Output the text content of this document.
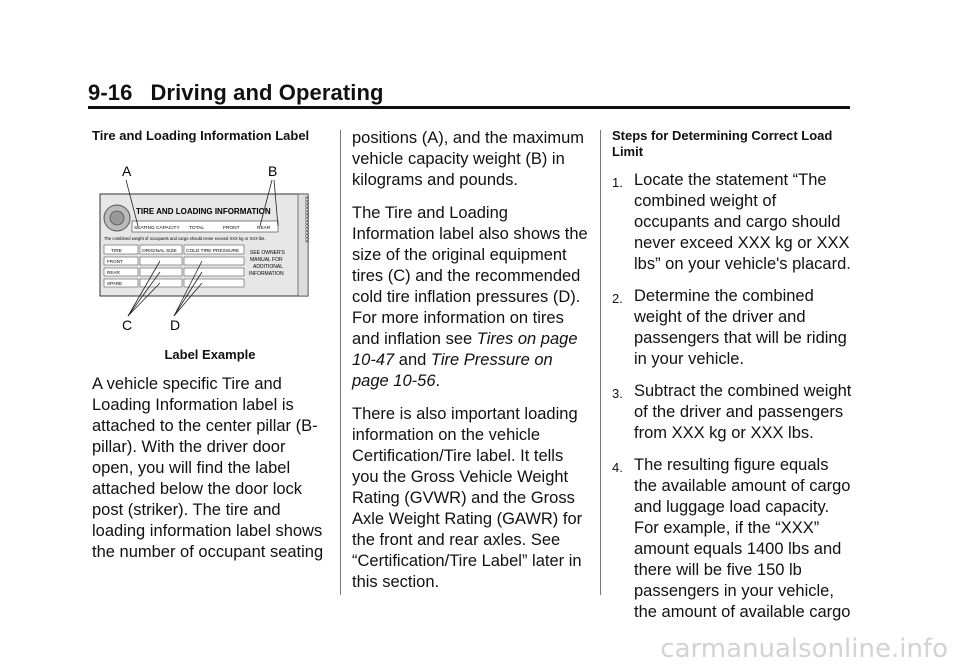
9-16 Driving and Operating
Tire and Loading Information Label
A	B
C	D
XXXXXXXXXXXXXX
TIRE AND LOADING INFORMATION
SEATING CAPACITY TOTAL	FRONT	REAR
The combined weight of occupants and cargo should never exceed XXX kg or XXX lbs.
TIRE	ORIGINAL SIZE COLD TIRE PRESSURE
FRONT
REAR
SPARE
SEE OWNER'S
MANUAL FOR
ADDITIONAL
INFORMATION
Label Example

A vehicle specific Tire and Loading Information label is attached to the center pillar (B-pillar). With the driver door open, you will find the label attached below the door lock post (striker). The tire and loading information label shows the number of occupant seating

positions (A), and the maximum vehicle capacity weight (B) in kilograms and pounds.

The Tire and Loading Information label also shows the size of the original equipment tires (C) and the recommended cold tire inflation pressures (D). For more information on tires and inflation see Tires on page 10-47 and Tire Pressure on page 10-56.

There is also important loading information on the vehicle Certification/Tire label. It tells you the Gross Vehicle Weight Rating (GVWR) and the Gross Axle Weight Rating (GAWR) for the front and rear axles. See “Certification/Tire Label” later in this section.

Steps for Determining Correct Load Limit
1. Locate the statement “The combined weight of occupants and cargo should never exceed XXX kg or XXX lbs” on your vehicle's placard.
2. Determine the combined weight of the driver and passengers that will be riding in your vehicle.
3. Subtract the combined weight of the driver and passengers from XXX kg or XXX lbs.
4. The resulting figure equals the available amount of cargo and luggage load capacity. For example, if the “XXX” amount equals 1400 lbs and there will be five 150 lb passengers in your vehicle, the amount of available cargo
carmanualsonline.info
